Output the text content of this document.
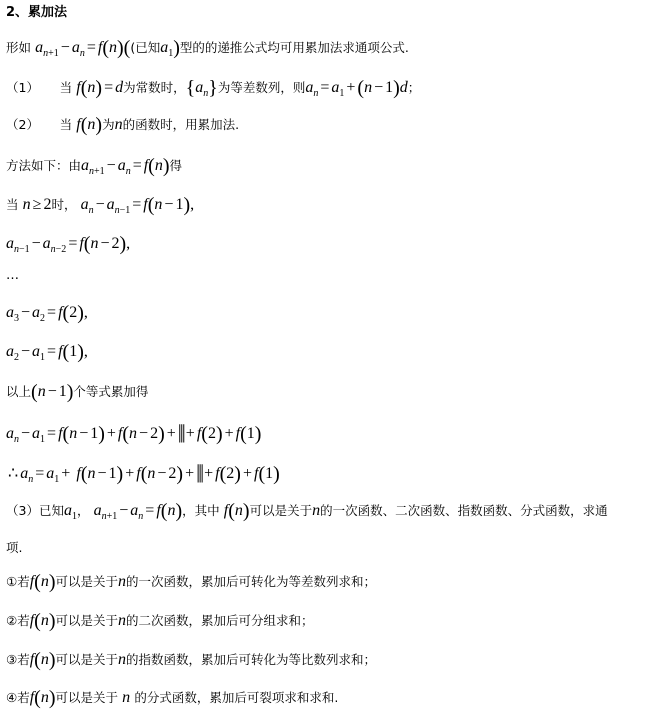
2、累加法
形如 $a_{n+1} - a_n = f(n)$((已知$a_1$)型的的递推公式均可用累加法求通项公式.
（1） 当 f(n) = d为常数时，$\{a_n\}$为等差数列，则$a_n = a_1 + (n - 1)d$；
（2） 当 f(n)为n的函数时，用累加法.
方法如下：由$a_{n+1} - a_n = f(n)$得
当 n ≥ 2时， $a_n - a_{n-1} = f(n - 1)$,
$a_{n-1} - a_{n-2} = f(n - 2)$,
…
$a_3 - a_2 = f(2)$,
$a_2 - a_1 = f(1)$,
以上(n − 1)个等式累加得
$a_n - a_1 = f(n - 1) + f(n - 2)$ + ||| + f(2) + f(1)
∴ $a_n = a_1 + f(n - 1) + f(n - 2)$ + ||| + f(2) + f(1)
（3）已知$a_1$， $a_{n+1} - a_n = f(n)$，其中 f(n)可以是关于n的一次函数、二次函数、指数函数、分式函数，求通
项.
①若f(n)可以是关于n的一次函数，累加后可转化为等差数列求和；
②若f(n)可以是关于n的二次函数，累加后可分组求和；
③若f(n)可以是关于n的指数函数，累加后可转化为等比数列求和；
④若f(n)可以是关于 n 的分式函数，累加后可裂项求和求和.
